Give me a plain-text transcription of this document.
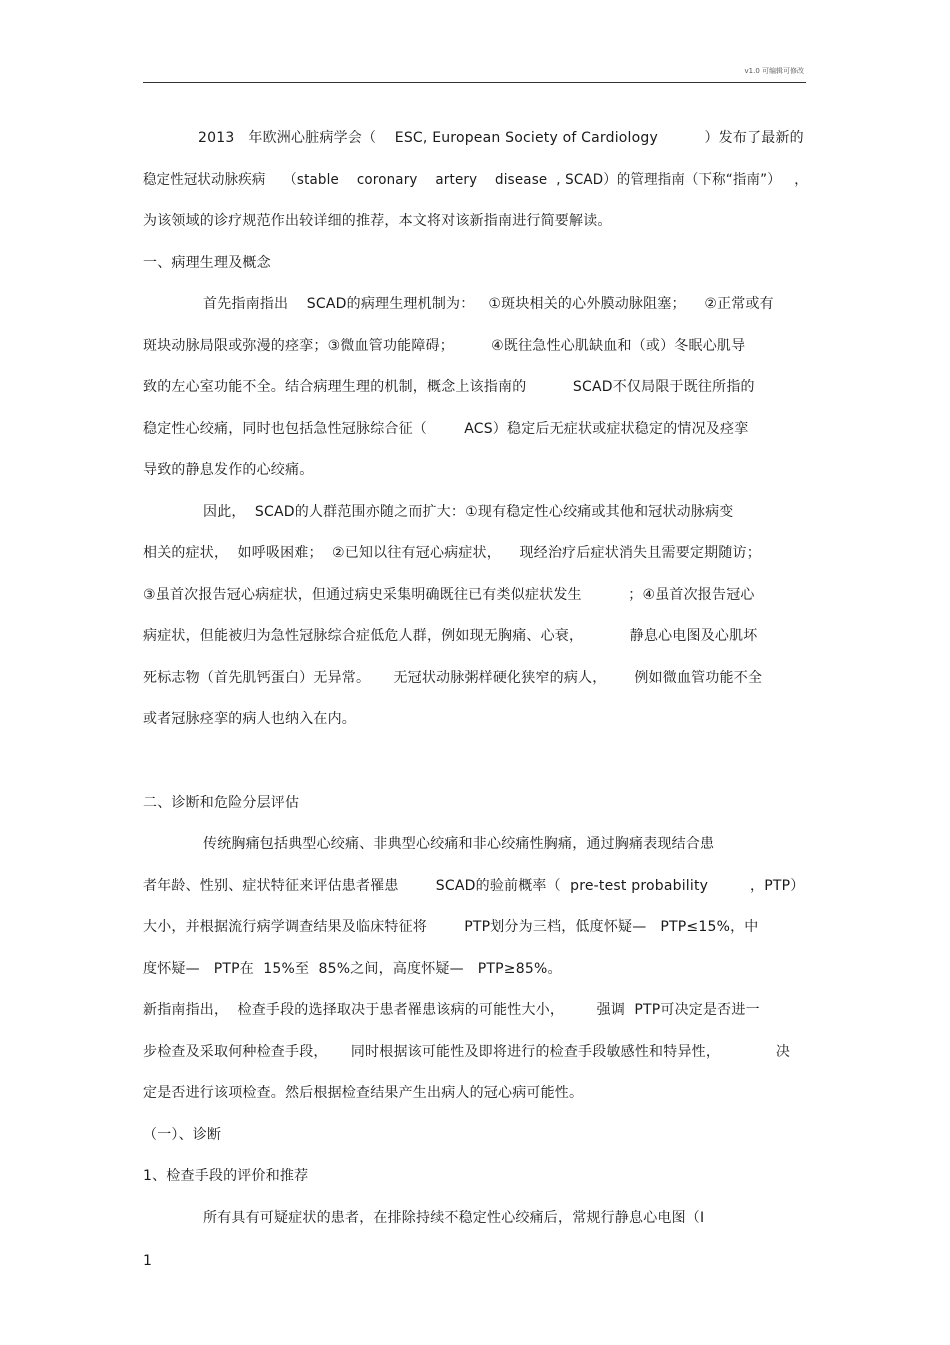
v1.0 可编辑可修改
2013   年欧洲心脏病学会（    ESC, European Society of Cardiology          ）发布了最新的
稳定性冠状动脉疾病    （stable    coronary    artery    disease  , SCAD）的管理指南（下称“指南”）   ，
为该领域的诊疗规范作出较详细的推荐，本文将对该新指南进行简要解读。
一、病理生理及概念
首先指南指出    SCAD的病理生理机制为：   ①斑块相关的心外膜动脉阻塞；    ②正常或有
斑块动脉局限或弥漫的痉挛；③微血管功能障碍；        ④既往急性心肌缺血和（或）冬眠心肌导
致的左心室功能不全。结合病理生理的机制，概念上该指南的          SCAD不仅局限于既往所指的
稳定性心绞痛，同时也包括急性冠脉综合征（        ACS）稳定后无症状或症状稳定的情况及痉挛
导致的静息发作的心绞痛。
因此，  SCAD的人群范围亦随之而扩大：①现有稳定性心绞痛或其他和冠状动脉病变
相关的症状，  如呼吸困难；  ②已知以往有冠心病症状，    现经治疗后症状消失且需要定期随访；
③虽首次报告冠心病症状，但通过病史采集明确既往已有类似症状发生          ；④虽首次报告冠心
病症状，但能被归为急性冠脉综合症低危人群，例如现无胸痛、心衰，          静息心电图及心肌坏
死标志物（首先肌钙蛋白）无异常。     无冠状动脉粥样硬化狭窄的病人，      例如微血管功能不全
或者冠脉痉挛的病人也纳入在内。
二、诊断和危险分层评估
传统胸痛包括典型心绞痛、非典型心绞痛和非心绞痛性胸痛，通过胸痛表现结合患
者年龄、性别、症状特征来评估患者罹患        SCAD的验前概率（  pre-test probability         ，PTP）
大小，并根据流行病学调查结果及临床特征将        PTP划分为三档，低度怀疑—   PTP≤15%，中
度怀疑—   PTP在  15%至  85%之间，高度怀疑—   PTP≥85%。
新指南指出，  检查手段的选择取决于患者罹患该病的可能性大小，       强调  PTP可决定是否进一
步检查及采取何种检查手段，     同时根据该可能性及即将进行的检查手段敏感性和特异性，            决
定是否进行该项检查。然后根据检查结果产生出病人的冠心病可能性。
（一）、诊断
1、检查手段的评价和推荐
所有具有可疑症状的患者，在排除持续不稳定性心绞痛后，常规行静息心电图（Ⅰ
1
